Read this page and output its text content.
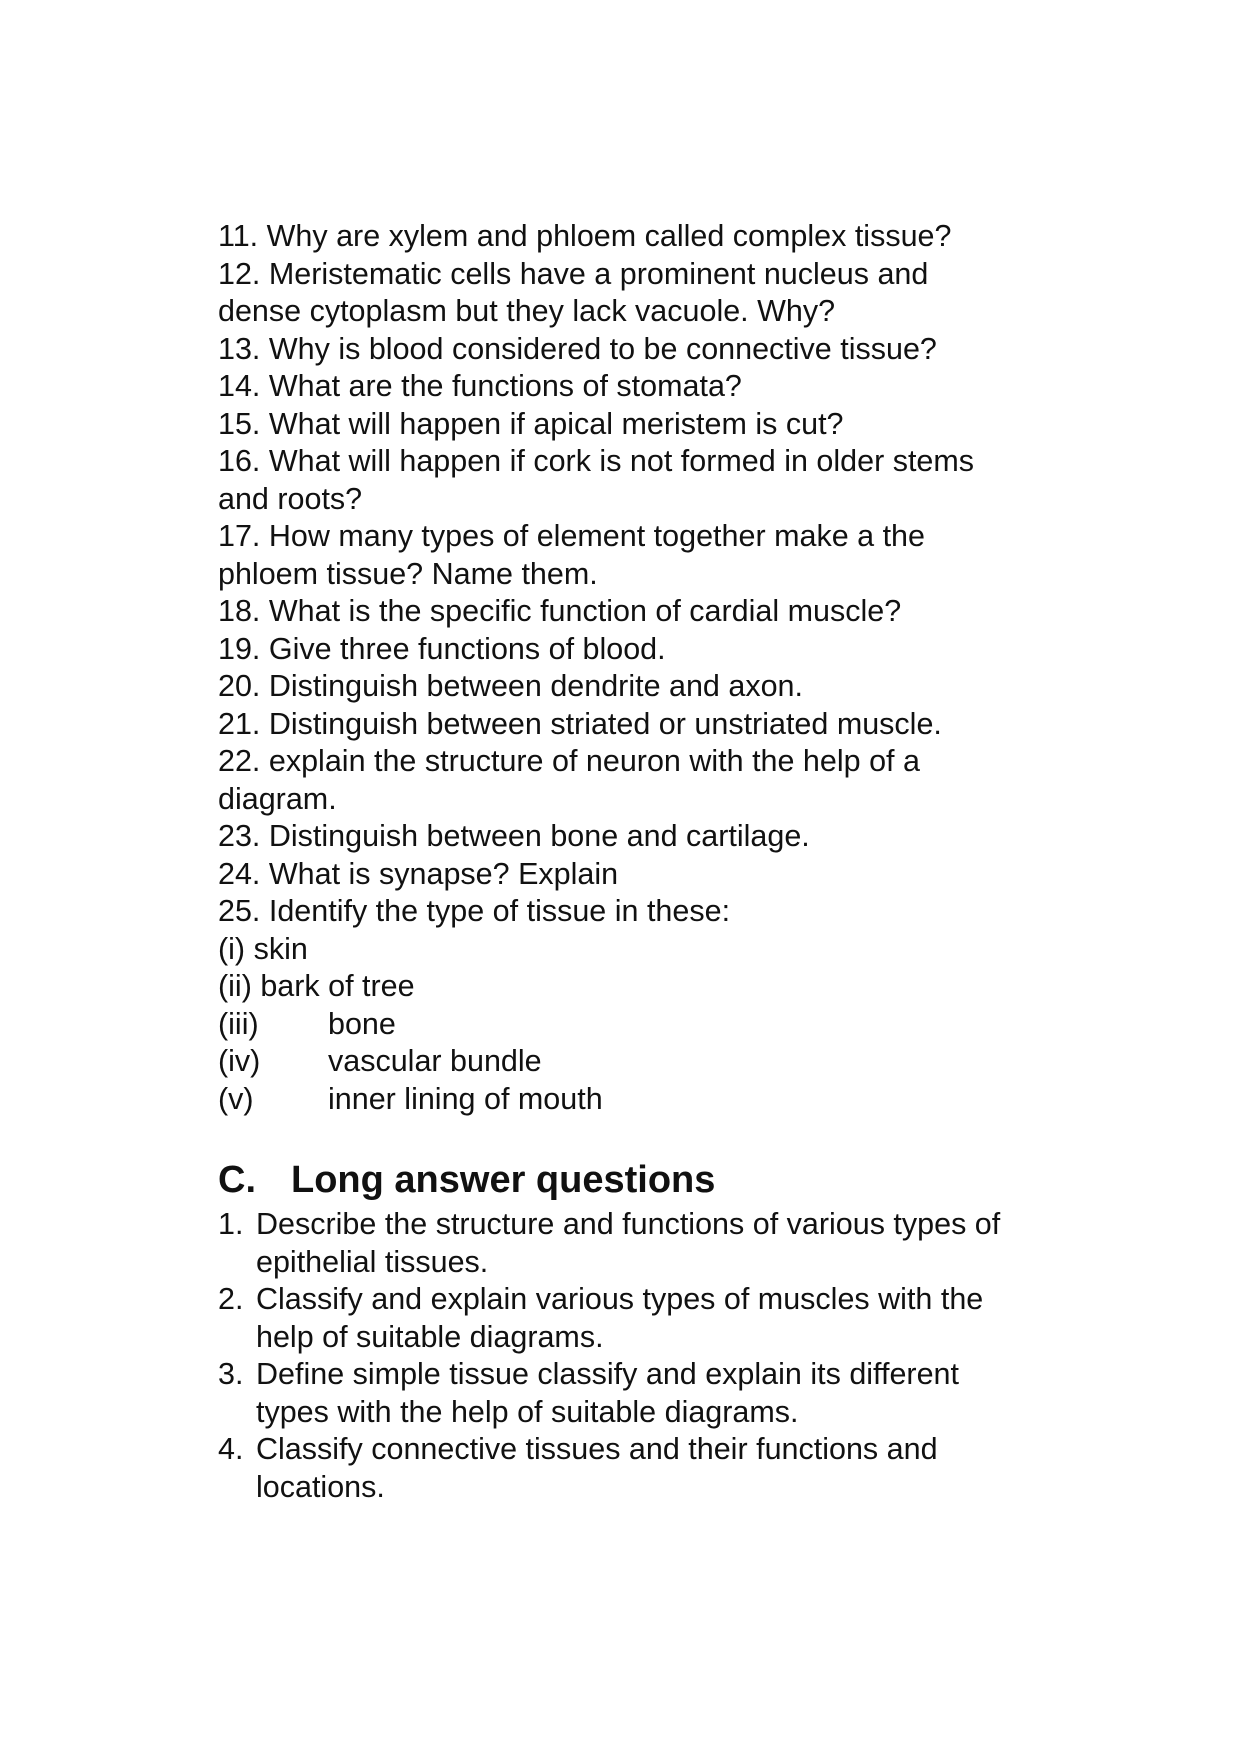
11. Why are xylem and phloem called complex tissue?

12. Meristematic cells have a prominent nucleus and

dense cytoplasm but they lack vacuole. Why?

13. Why is blood considered to be connective tissue?

14. What are the functions of stomata?

15. What will happen if apical meristem is cut?

16. What will happen if cork is not formed in older stems

and roots?

17. How many types of element together make a the

phloem tissue? Name them.

18. What is the specific function of cardial muscle?

19. Give three functions of blood.

20. Distinguish between dendrite and axon.

21. Distinguish between striated or unstriated muscle.

22. explain the structure of neuron with the help of a

diagram.

23. Distinguish between bone and cartilage.

24. What is synapse? Explain

25. Identify the type of tissue in these:

(i) skin

(ii) bark of tree

(iii)	bone

(iv)	vascular bundle

(v)	inner lining of mouth

C. Long answer questions
1. Describe the structure and functions of various types of
epithelial tissues.
2. Classify and explain various types of muscles with the
help of suitable diagrams.
3. Define simple tissue classify and explain its different
types with the help of suitable diagrams.
4. Classify connective tissues and their functions and
locations.
